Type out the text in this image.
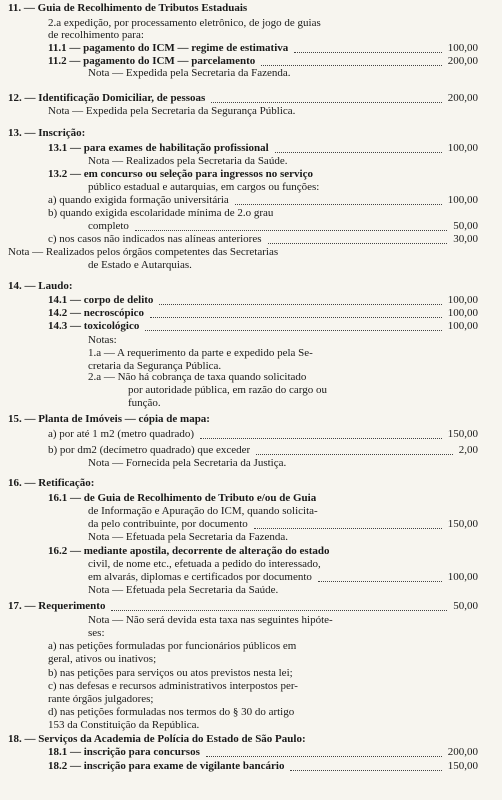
11. — Guia de Recolhimento de Tributos Estaduais
2.a expedição, por processamento eletrônico, de jogo de guias
de recolhimento para:
11.1 — pagamento do ICM — regime de estimativa	100,00
11.2 — pagamento do ICM — parcelamento	200,00
Nota — Expedida pela Secretaria da Fazenda.
12. — Identificação Domiciliar, de pessoas	200,00
Nota — Expedida pela Secretaria da Segurança Pública.
13. — Inscrição:
13.1 — para exames de habilitação profissional	100,00
Nota — Realizados pela Secretaria da Saúde.
13.2 — em concurso ou seleção para ingressos no serviço
público estadual e autarquias, em cargos ou funções:
a) quando exigida formação universitária	100,00
b) quando exigida escolaridade mínima de 2.o grau
completo	50,00
c) nos casos não indicados nas alíneas anteriores	30,00
Nota — Realizados pelos órgãos competentes das Secretarias
de Estado e Autarquias.
14. — Laudo:
14.1 — corpo de delito	100,00
14.2 — necroscópico	100,00
14.3 — toxicológico	100,00
Notas:
1.a — A requerimento da parte e expedido pela Se-
cretaria da Segurança Pública.
2.a — Não há cobrança de taxa quando solicitado
por autoridade pública, em razão do cargo ou
função.
15. — Planta de Imóveis — cópia de mapa:
a) por até 1 m2 (metro quadrado)	150,00
b) por dm2 (decímetro quadrado) que exceder	2,00
Nota — Fornecida pela Secretaria da Justiça.
16. — Retificação:
16.1 — de Guia de Recolhimento de Tributo e/ou de Guia
de Informação e Apuração do ICM, quando solicita-
da pelo contribuinte, por documento	150,00
Nota — Efetuada pela Secretaria da Fazenda.
16.2 — mediante apostila, decorrente de alteração do estado
civil, de nome etc., efetuada a pedido do interessado,
em alvarás, diplomas e certificados por documento	100,00
Nota — Efetuada pela Secretaria da Saúde.
17. — Requerimento	50,00
Nota — Não será devida esta taxa nas seguintes hipóte-
ses:
a) nas petições formuladas por funcionários públicos em
geral, ativos ou inativos;
b) nas petições para serviços ou atos previstos nesta lei;
c) nas defesas e recursos administrativos interpostos per-
rante órgãos julgadores;
d) nas petições formuladas nos termos do § 30 do artigo
153 da Constituição da República.
18. — Serviços da Academia de Polícia do Estado de São Paulo:
18.1 — inscrição para concursos	200,00
18.2 — inscrição para exame de vigilante bancário	150,00
